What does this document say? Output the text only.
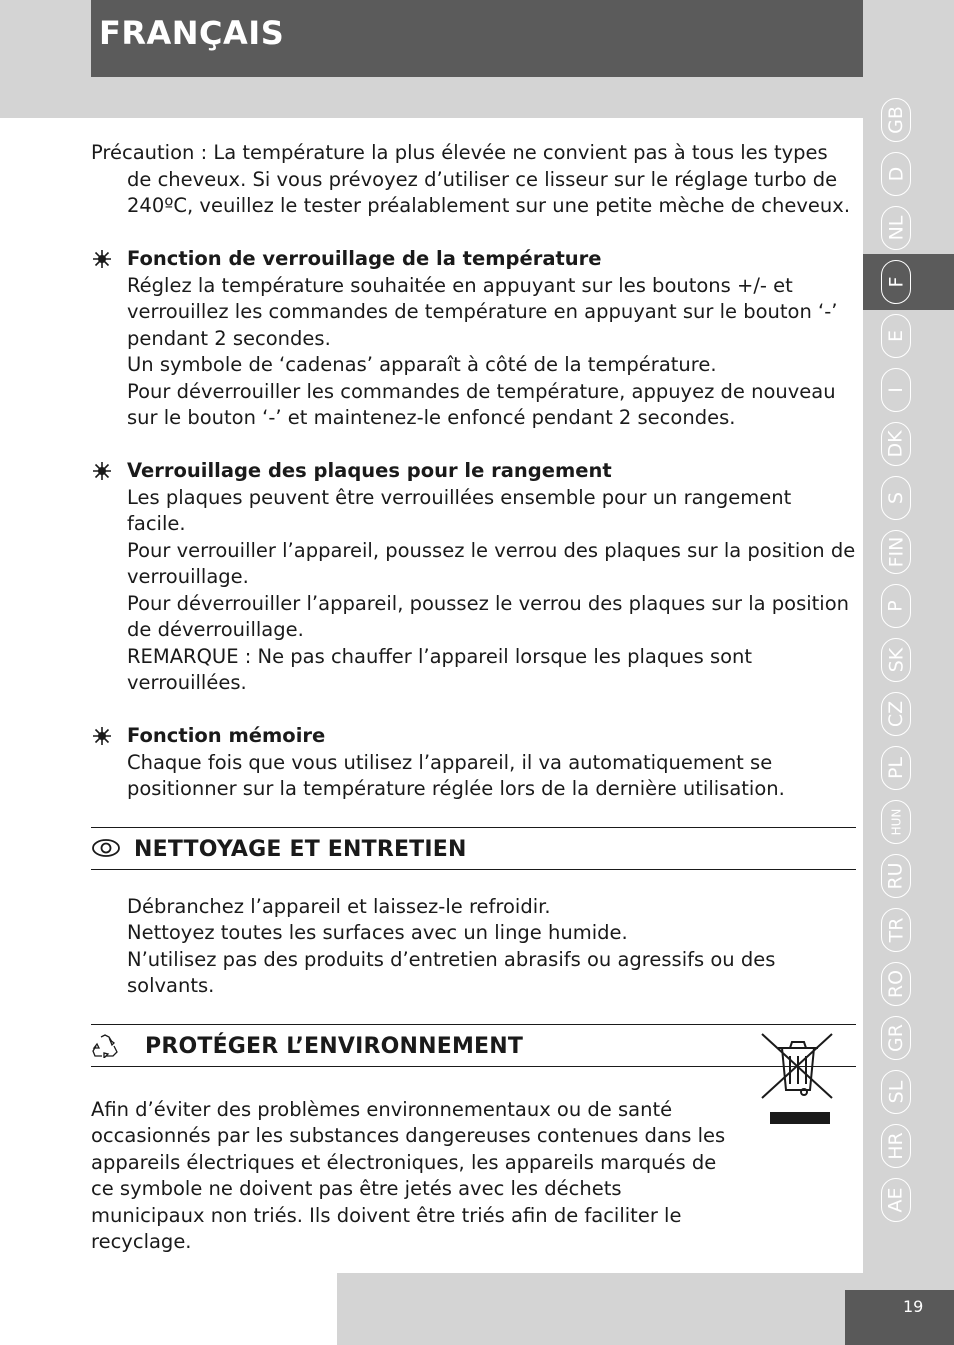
FRANÇAIS
GB
D
NL
F
E
I
DK
S
FIN
P
SK
CZ
PL
HUN
RU
TR
RO
GR
SL
HR
AE

Précaution : La température la plus élevée ne convient pas à tous les types de cheveux. Si vous prévoyez d’utiliser ce lisseur sur le réglage turbo de 240ºC, veuillez le tester préalablement sur une petite mèche de cheveux.

Fonction de verrouillage de la température

Réglez la température souhaitée en appuyant sur les boutons +/- et verrouillez les commandes de température en appuyant sur le bouton ‘-’ pendant 2 secondes.

Un symbole de ‘cadenas’ apparaît à côté de la température.

Pour déverrouiller les commandes de température, appuyez de nouveau sur le bouton ‘-’ et maintenez-le enfoncé pendant 2 secondes.

Verrouillage des plaques pour le rangement

Les plaques peuvent être verrouillées ensemble pour un rangement facile.

Pour verrouiller l’appareil, poussez le verrou des plaques sur la position de verrouillage.

Pour déverrouiller l’appareil, poussez le verrou des plaques sur la position de déverrouillage.

REMARQUE : Ne pas chauffer l’appareil lorsque les plaques sont verrouillées.

Fonction mémoire

Chaque fois que vous utilisez l’appareil, il va automatiquement se positionner sur la température réglée lors de la dernière utilisation.

NETTOYAGE ET ENTRETIEN

Débranchez l’appareil et laissez-le refroidir.

Nettoyez toutes les surfaces avec un linge humide.

N’utilisez pas des produits d’entretien abrasifs ou agressifs ou des solvants.

PROTÉGER L’ENVIRONNEMENT

Afin d’éviter des problèmes environnementaux ou de santé occasionnés par les substances dangereuses contenues dans les appareils électriques et électroniques, les appareils marqués de ce symbole ne doivent pas être jetés avec les déchets municipaux non triés. Ils doivent être triés afin de faciliter le recyclage.

19
